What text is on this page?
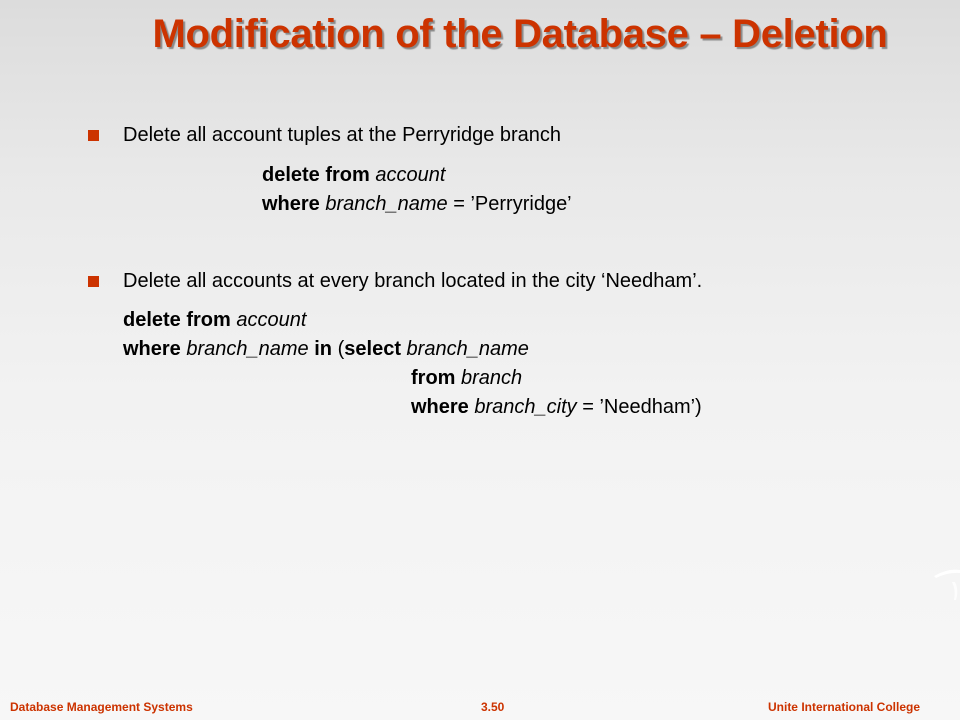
Modification of the Database – Deletion
Delete all account tuples at the Perryridge branch
delete from account
where branch_name = ’Perryridge’
Delete all accounts at every branch located in the city ‘Needham’.
delete from account
where branch_name in (select branch_name
from branch
where branch_city = ’Needham’)
Database Management Systems	3.50	Unite International College
